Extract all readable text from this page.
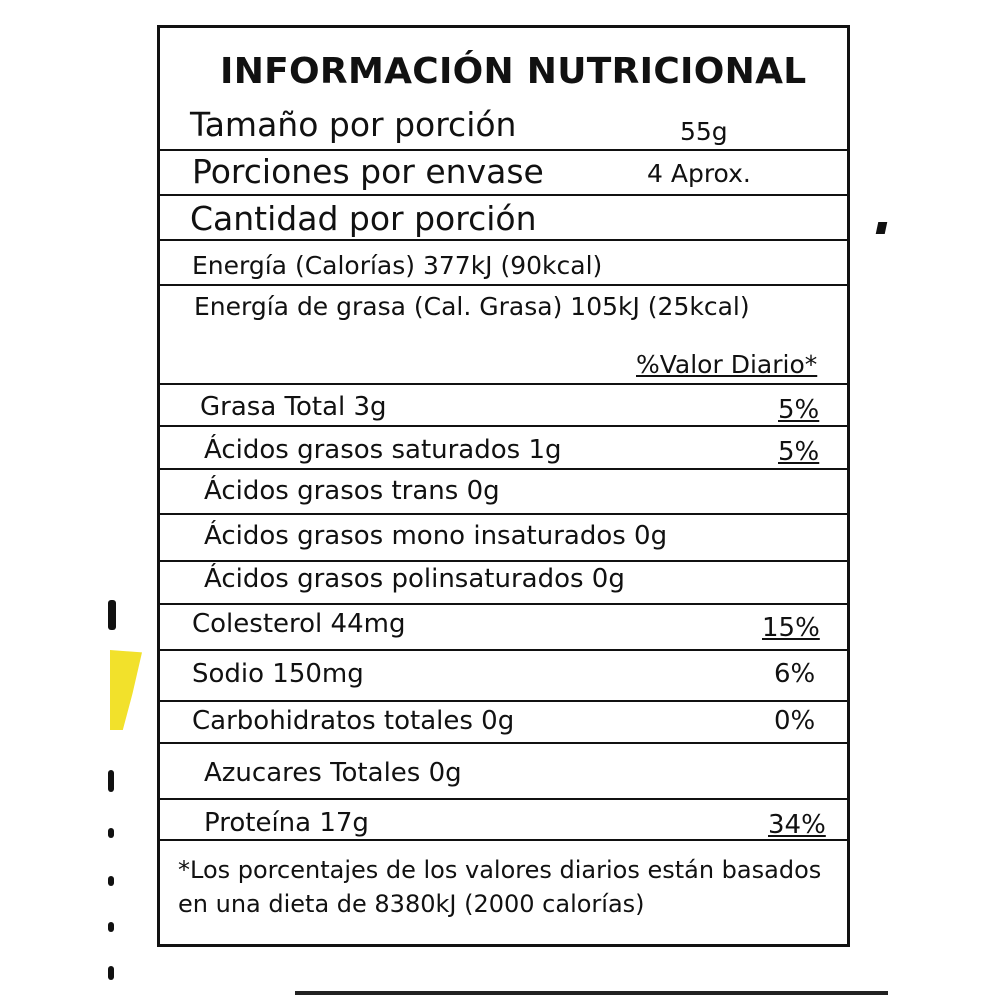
INFORMACIÓN NUTRICIONAL
Tamaño por porción	55g
Porciones por envase	4 Aprox.
Cantidad por porción
Energía (Calorías) 377kJ (90kcal)
Energía de grasa (Cal. Grasa) 105kJ (25kcal)
%Valor Diario*
Grasa Total 3g	5%
Ácidos grasos saturados 1g	5%
Ácidos grasos trans 0g
Ácidos grasos mono insaturados 0g
Ácidos grasos polinsaturados 0g
Colesterol 44mg	15%
Sodio 150mg	6%
Carbohidratos totales 0g	0%
Azucares Totales 0g
Proteína 17g	34%
*Los porcentajes de los valores diarios están basados en una dieta de 8380kJ (2000 calorías)
